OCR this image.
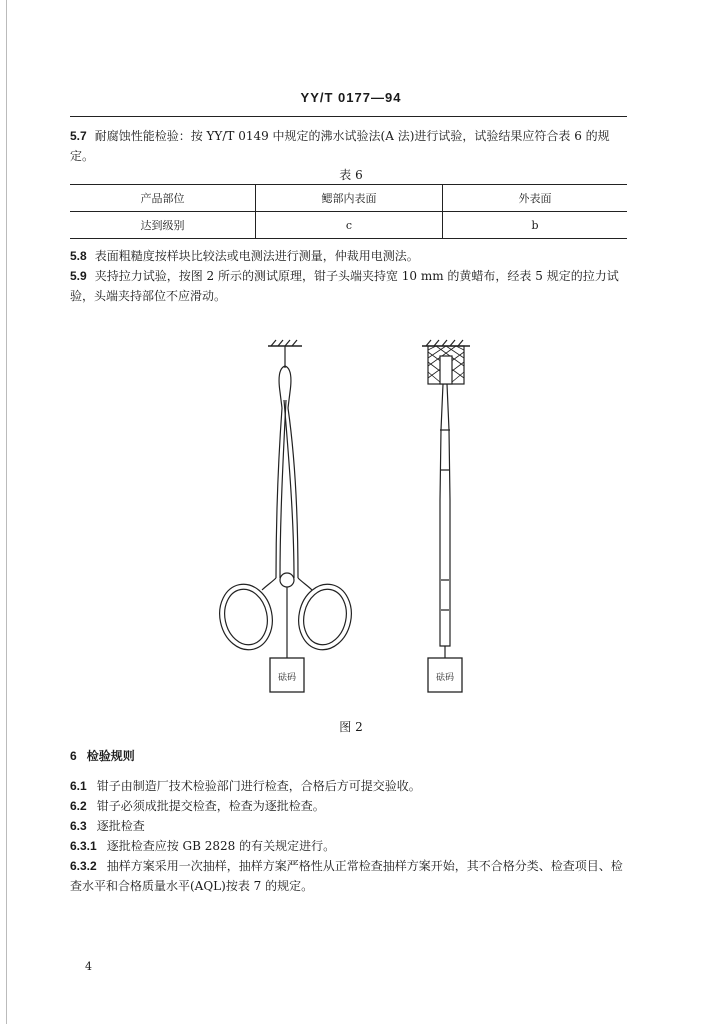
YY/T 0177—94
5.7 耐腐蚀性能检验：按 YY/T 0149 中规定的沸水试验法(A 法)进行试验，试验结果应符合表 6 的规定。
表 6
产品部位	鳃部内表面	外表面
达到级别	c	b
5.8 表面粗糙度按样块比较法或电测法进行测量，仲裁用电测法。
5.9 夹持拉力试验，按图 2 所示的测试原理，钳子头端夹持宽 10 mm 的黄蜡布，经表 5 规定的拉力试验，头端夹持部位不应滑动。
砝码	砝码
图 2
6 检验规则
6.1 钳子由制造厂技术检验部门进行检查，合格后方可提交验收。
6.2 钳子必须成批提交检查，检查为逐批检查。
6.3 逐批检查
6.3.1 逐批检查应按 GB 2828 的有关规定进行。
6.3.2 抽样方案采用一次抽样，抽样方案严格性从正常检查抽样方案开始，其不合格分类、检查项目、检查水平和合格质量水平(AQL)按表 7 的规定。
4
